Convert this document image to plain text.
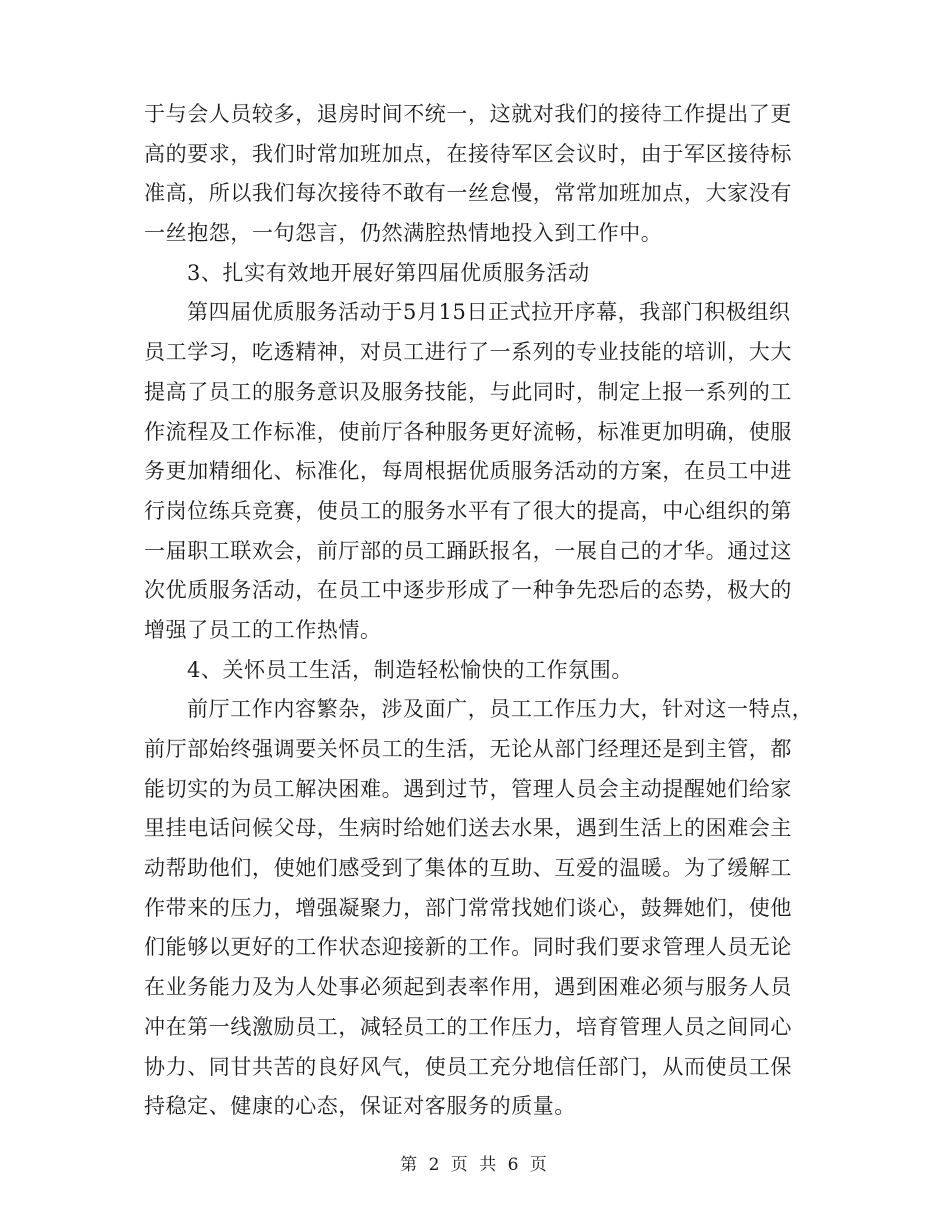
于与会人员较多，退房时间不统一，这就对我们的接待工作提出了更
高的要求，我们时常加班加点，在接待军区会议时，由于军区接待标
准高，所以我们每次接待不敢有一丝怠慢，常常加班加点，大家没有
一丝抱怨，一句怨言，仍然满腔热情地投入到工作中。
3、扎实有效地开展好第四届优质服务活动
第四届优质服务活动于5月15日正式拉开序幕，我部门积极组织
员工学习，吃透精神，对员工进行了一系列的专业技能的培训，大大
提高了员工的服务意识及服务技能，与此同时，制定上报一系列的工
作流程及工作标准，使前厅各种服务更好流畅，标准更加明确，使服
务更加精细化、标准化，每周根据优质服务活动的方案，在员工中进
行岗位练兵竞赛，使员工的服务水平有了很大的提高，中心组织的第
一届职工联欢会，前厅部的员工踊跃报名，一展自己的才华。通过这
次优质服务活动，在员工中逐步形成了一种争先恐后的态势，极大的
增强了员工的工作热情。
4、关怀员工生活，制造轻松愉快的工作氛围。
前厅工作内容繁杂，涉及面广，员工工作压力大，针对这一特点，
前厅部始终强调要关怀员工的生活，无论从部门经理还是到主管，都
能切实的为员工解决困难。遇到过节，管理人员会主动提醒她们给家
里挂电话问候父母，生病时给她们送去水果，遇到生活上的困难会主
动帮助他们，使她们感受到了集体的互助、互爱的温暖。为了缓解工
作带来的压力，增强凝聚力，部门常常找她们谈心，鼓舞她们，使他
们能够以更好的工作状态迎接新的工作。同时我们要求管理人员无论
在业务能力及为人处事必须起到表率作用，遇到困难必须与服务人员
冲在第一线激励员工，减轻员工的工作压力，培育管理人员之间同心
协力、同甘共苦的良好风气，使员工充分地信任部门，从而使员工保
持稳定、健康的心态，保证对客服务的质量。
第 2 页 共 6 页
